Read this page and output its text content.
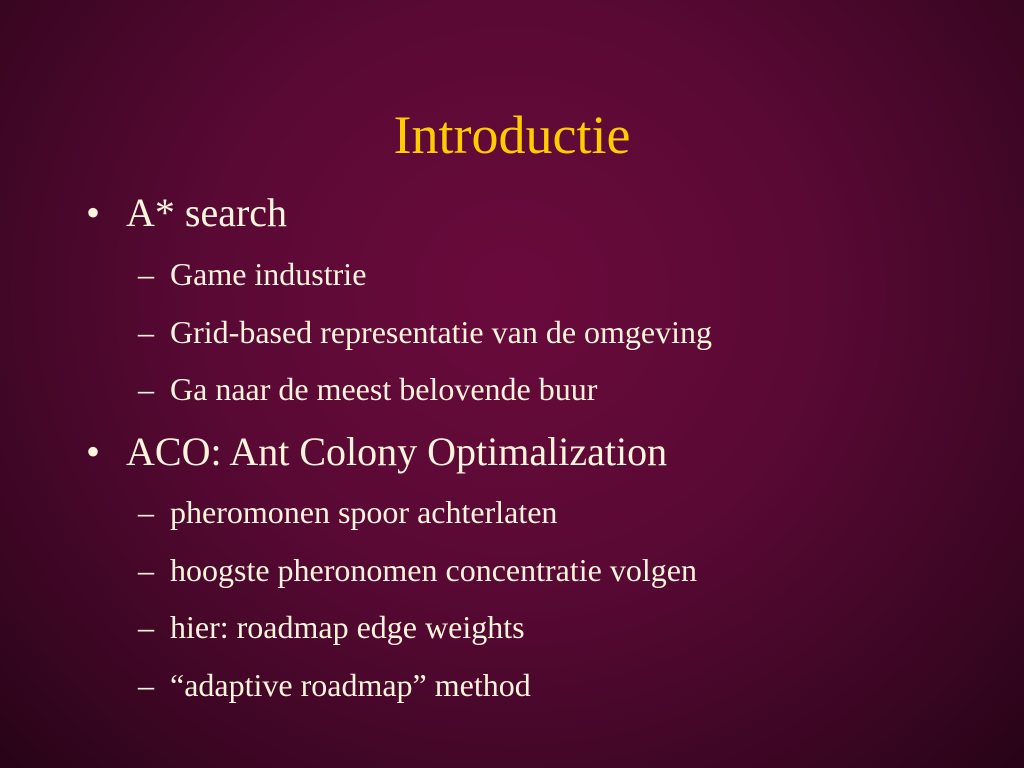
Introductie
• A* search
– Game industrie
– Grid-based representatie van de omgeving
– Ga naar de meest belovende buur
• ACO: Ant Colony Optimalization
– pheromonen spoor achterlaten
– hoogste pheronomen concentratie volgen
– hier: roadmap edge weights
– “adaptive roadmap” method
